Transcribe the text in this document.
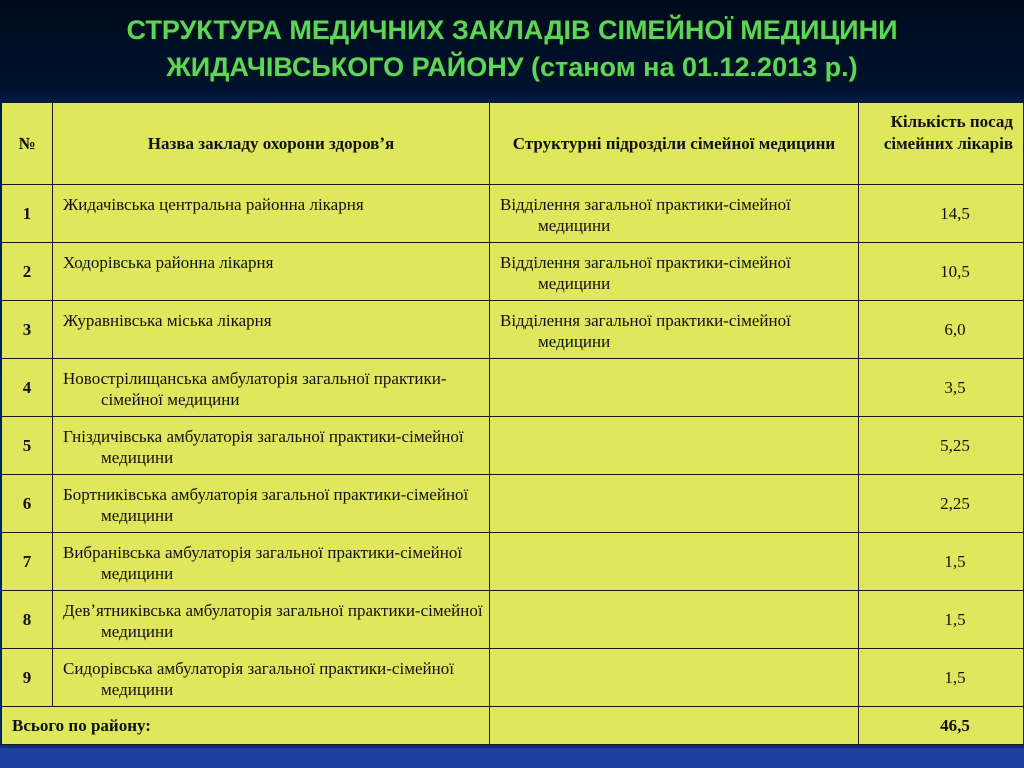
СТРУКТУРА МЕДИЧНИХ ЗАКЛАДІВ СІМЕЙНОЇ МЕДИЦИНИ
ЖИДАЧІВСЬКОГО РАЙОНУ (станом на 01.12.2013 р.)
№	Назва закладу охорони здоровʼя	Структурні підрозділи сімейної медицини	Кількість посад сімейних лікарів
1	Жидачівська центральна районна лікарня	Відділення загальної практики-сімейної медицини	14,5
2	Ходорівська районна лікарня	Відділення загальної практики-сімейної медицини	10,5
3	Журавнівська міська лікарня	Відділення загальної практики-сімейної медицини	6,0
4	Новострілищанська амбулаторія загальної практики-сімейної медицини		3,5
5	Гніздичівська амбулаторія загальної практики-сімейної медицини		5,25
6	Бортниківська амбулаторія загальної практики-сімейної медицини		2,25
7	Вибранівська амбулаторія загальної практики-сімейної медицини		1,5
8	Девʼятниківська амбулаторія загальної практики-сімейної медицини		1,5
9	Сидорівська амбулаторія загальної практики-сімейної медицини		1,5
Всього по району:			46,5
